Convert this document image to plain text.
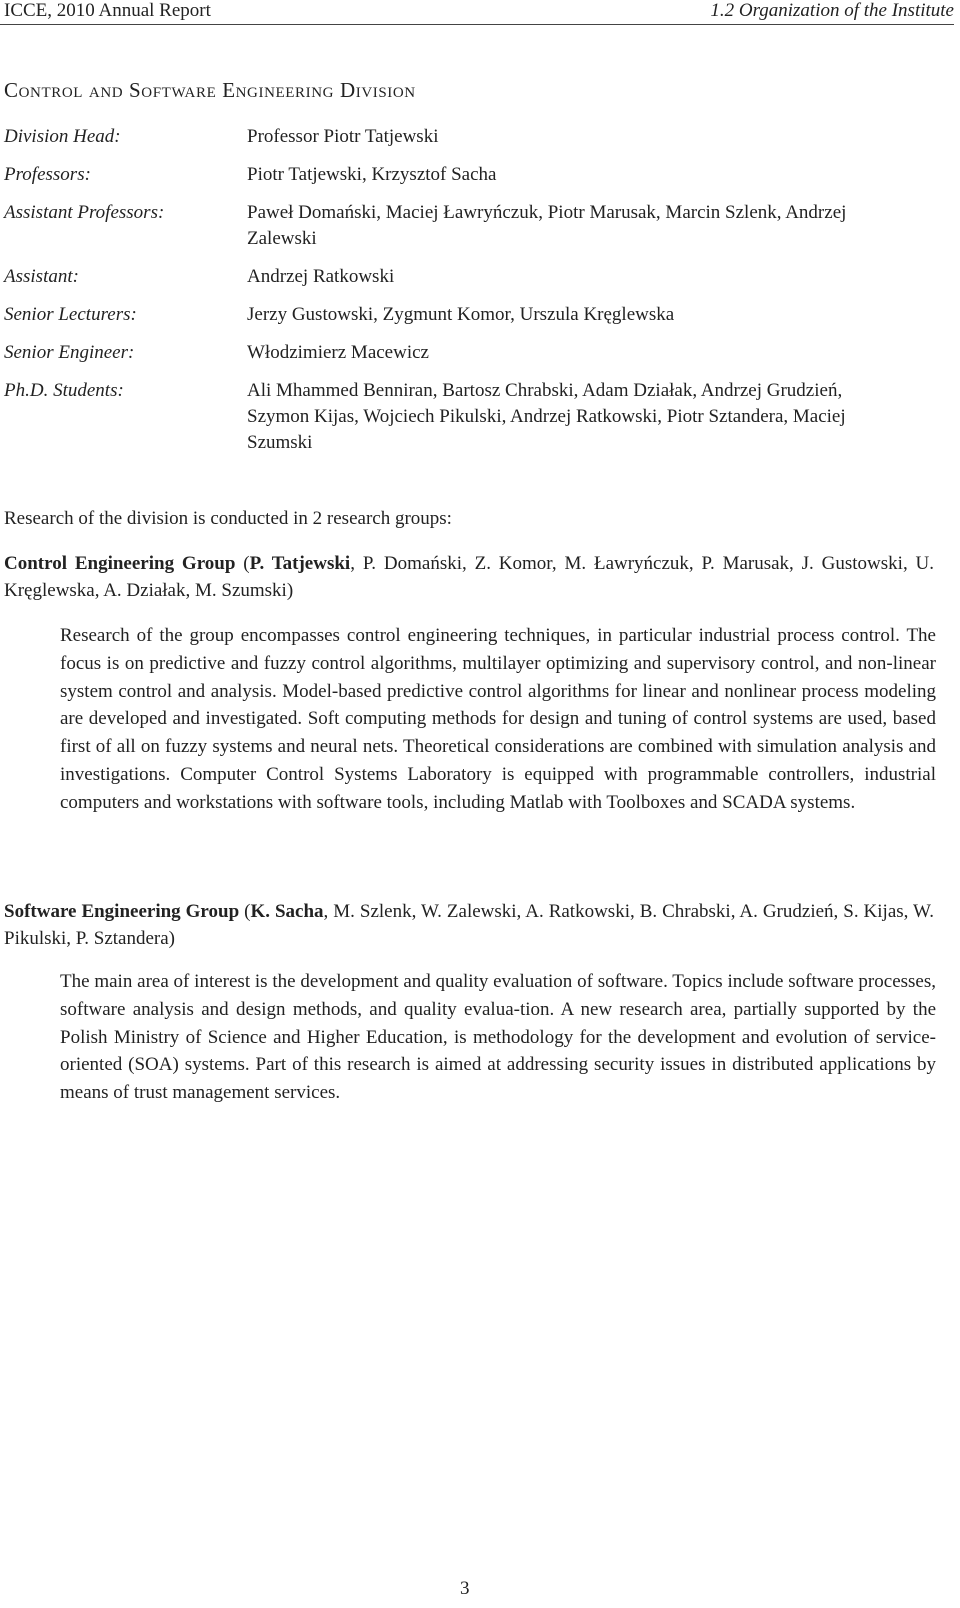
ICCE, 2010 Annual Report	1.2 Organization of the Institute
Control and Software Engineering Division
Division Head:	Professor Piotr Tatjewski
Professors:	Piotr Tatjewski, Krzysztof Sacha
Assistant Professors:	Paweł Domański, Maciej Ławryńczuk, Piotr Marusak, Marcin Szlenk, Andrzej Zalewski
Assistant:	Andrzej Ratkowski
Senior Lecturers:	Jerzy Gustowski, Zygmunt Komor, Urszula Kręglewska
Senior Engineer:	Włodzimierz Macewicz
Ph.D. Students:	Ali Mhammed Benniran, Bartosz Chrabski, Adam Działak, Andrzej Grudzień, Szymon Kijas, Wojciech Pikulski, Andrzej Ratkowski, Piotr Sztandera, Maciej Szumski
Research of the division is conducted in 2 research groups:
Control Engineering Group (P. Tatjewski, P. Domański, Z. Komor, M. Ławryńczuk, P. Marusak, J. Gustowski, U. Kręglewska, A. Działak, M. Szumski)
Research of the group encompasses control engineering techniques, in particular industrial process control. The focus is on predictive and fuzzy control algorithms, multilayer optimizing and supervisory control, and non-linear system control and analysis. Model-based predictive control algorithms for linear and nonlinear process modeling are developed and investigated. Soft computing methods for design and tuning of control systems are used, based first of all on fuzzy systems and neural nets. Theoretical considerations are combined with simulation analysis and investigations. Computer Control Systems Laboratory is equipped with programmable controllers, industrial computers and workstations with software tools, including Matlab with Toolboxes and SCADA systems.
Software Engineering Group (K. Sacha, M. Szlenk, W. Zalewski, A. Ratkowski, B. Chrabski, A. Grudzień, S. Kijas, W. Pikulski, P. Sztandera)
The main area of interest is the development and quality evaluation of software. Topics include software processes, software analysis and design methods, and quality evalua-tion. A new research area, partially supported by the Polish Ministry of Science and Higher Education, is methodology for the development and evolution of service-oriented (SOA) systems. Part of this research is aimed at addressing security issues in distributed applications by means of trust management services.
3
